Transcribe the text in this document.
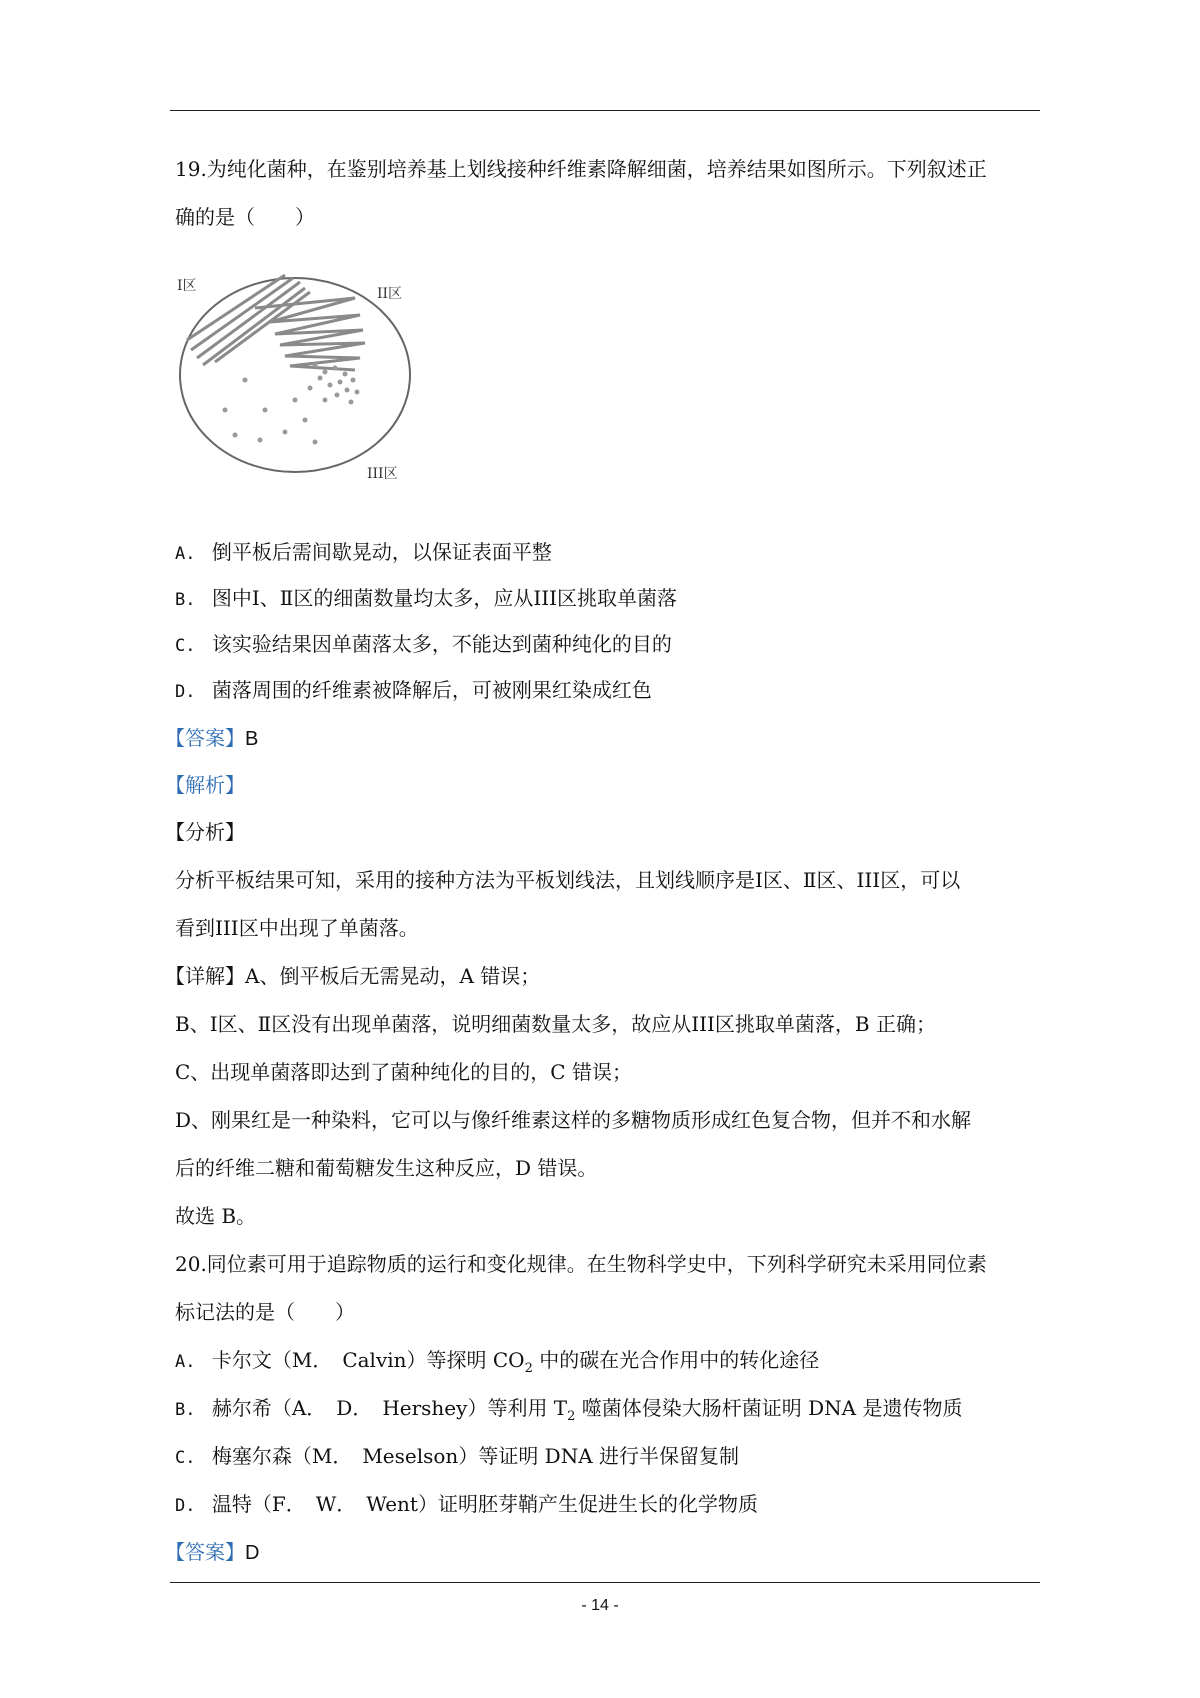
19.为纯化菌种，在鉴别培养基上划线接种纤维素降解细菌，培养结果如图所示。下列叙述正
确的是（　　）
I区	II区
III区
A. 倒平板后需间歇晃动，以保证表面平整
B. 图中Ⅰ、Ⅱ区的细菌数量均太多，应从III区挑取单菌落
C. 该实验结果因单菌落太多，不能达到菌种纯化的目的
D. 菌落周围的纤维素被降解后，可被刚果红染成红色
【答案】B
【解析】
【分析】
分析平板结果可知，采用的接种方法为平板划线法，且划线顺序是Ⅰ区、Ⅱ区、III区，可以
看到III区中出现了单菌落。
【详解】A、倒平板后无需晃动，A 错误；
B、Ⅰ区、Ⅱ区没有出现单菌落，说明细菌数量太多，故应从III区挑取单菌落，B 正确；
C、出现单菌落即达到了菌种纯化的目的，C 错误；
D、刚果红是一种染料，它可以与像纤维素这样的多糖物质形成红色复合物，但并不和水解
后的纤维二糖和葡萄糖发生这种反应，D 错误。
故选 B。
20.同位素可用于追踪物质的运行和变化规律。在生物科学史中，下列科学研究未采用同位素
标记法的是（　　）
A. 卡尔文（M．　Calvin）等探明 $CO_2$ 中的碳在光合作用中的转化途径
B. 赫尔希（A．　D．　Hershey）等利用 $T_2$ 噬菌体侵染大肠杆菌证明 DNA 是遗传物质
C. 梅塞尔森（M．　Meselson）等证明 DNA 进行半保留复制
D. 温特（F．　W．　Went）证明胚芽鞘产生促进生长的化学物质
【答案】D
- 14 -
